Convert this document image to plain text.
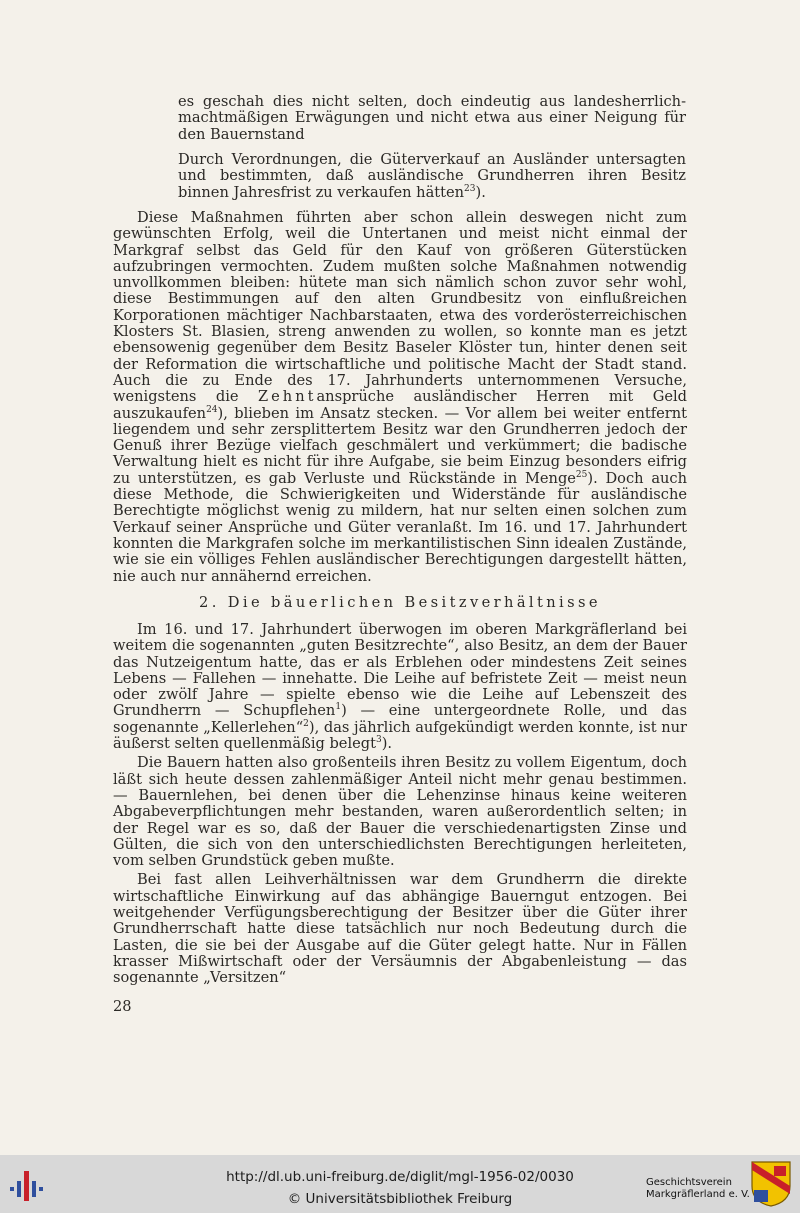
es geschah dies nicht selten, doch eindeutig aus landesherrlich-machtmäßigen Erwägungen und nicht etwa aus einer Neigung für den Bauernstand

Durch Verordnungen, die Güterverkauf an Ausländer untersagten und bestimmten, daß ausländische Grundherren ihren Besitz binnen Jahresfrist zu verkaufen hätten$^{23}$).

Diese Maßnahmen führten aber schon allein deswegen nicht zum gewünschten Erfolg, weil die Untertanen und meist nicht einmal der Markgraf selbst das Geld für den Kauf von größeren Güterstücken aufzubringen vermochten. Zudem mußten solche Maßnahmen notwendig unvollkommen bleiben: hütete man sich nämlich schon zuvor sehr wohl, diese Bestimmungen auf den alten Grundbesitz von einflußreichen Korporationen mächtiger Nachbarstaaten, etwa des vorderösterreichischen Klosters St. Blasien, streng anwenden zu wollen, so konnte man es jetzt ebensowenig gegenüber dem Besitz Baseler Klöster tun, hinter denen seit der Reformation die wirtschaftliche und politische Macht der Stadt stand. Auch die zu Ende des 17. Jahrhunderts unternommenen Versuche, wenigstens die Zehntansprüche ausländischer Herren mit Geld auszukaufen$^{24}$), blieben im Ansatz stecken. — Vor allem bei weiter entfernt liegendem und sehr zersplittertem Besitz war den Grundherren jedoch der Genuß ihrer Bezüge vielfach geschmälert und verkümmert; die badische Verwaltung hielt es nicht für ihre Aufgabe, sie beim Einzug besonders eifrig zu unterstützen, es gab Verluste und Rückstände in Menge$^{25}$). Doch auch diese Methode, die Schwierigkeiten und Widerstände für ausländische Berechtigte möglichst wenig zu mildern, hat nur selten einen solchen zum Verkauf seiner Ansprüche und Güter veranlaßt. Im 16. und 17. Jahrhundert konnten die Markgrafen solche im merkantilistischen Sinn idealen Zustände, wie sie ein völliges Fehlen ausländischer Berechtigungen dargestellt hätten, nie auch nur annähernd erreichen.

2. Die bäuerlichen Besitzverhältnisse

Im 16. und 17. Jahrhundert überwogen im oberen Markgräflerland bei weitem die sogenannten „guten Besitzrechte“, also Besitz, an dem der Bauer das Nutzeigentum hatte, das er als Erblehen oder mindestens Zeit seines Lebens — Fallehen — innehatte. Die Leihe auf befristete Zeit — meist neun oder zwölf Jahre — spielte ebenso wie die Leihe auf Lebenszeit des Grundherrn — Schupflehen$^1$) — eine untergeordnete Rolle, und das sogenannte „Kellerlehen“$^2$), das jährlich aufgekündigt werden konnte, ist nur äußerst selten quellenmäßig belegt$^3$).

Die Bauern hatten also großenteils ihren Besitz zu vollem Eigentum, doch läßt sich heute dessen zahlenmäßiger Anteil nicht mehr genau bestimmen. — Bauernlehen, bei denen über die Lehenzinse hinaus keine weiteren Abgabeverpflichtungen mehr bestanden, waren außerordentlich selten; in der Regel war es so, daß der Bauer die verschiedenartigsten Zinse und Gülten, die sich von den unterschiedlichsten Berechtigungen herleiteten, vom selben Grundstück geben mußte.

Bei fast allen Leihverhältnissen war dem Grundherrn die direkte wirtschaftliche Einwirkung auf das abhängige Bauerngut entzogen. Bei weitgehender Verfügungsberechtigung der Besitzer über die Güter ihrer Grundherrschaft hatte diese tatsächlich nur noch Bedeutung durch die Lasten, die sie bei der Ausgabe auf die Güter gelegt hatte. Nur in Fällen krasser Mißwirtschaft oder der Versäumnis der Abgabenleistung — das sogenannte „Versitzen“

28
http://dl.ub.uni-freiburg.de/diglit/mgl-1956-02/0030
© Universitätsbibliothek Freiburg
Geschichtsverein
Markgräflerland e. V.
